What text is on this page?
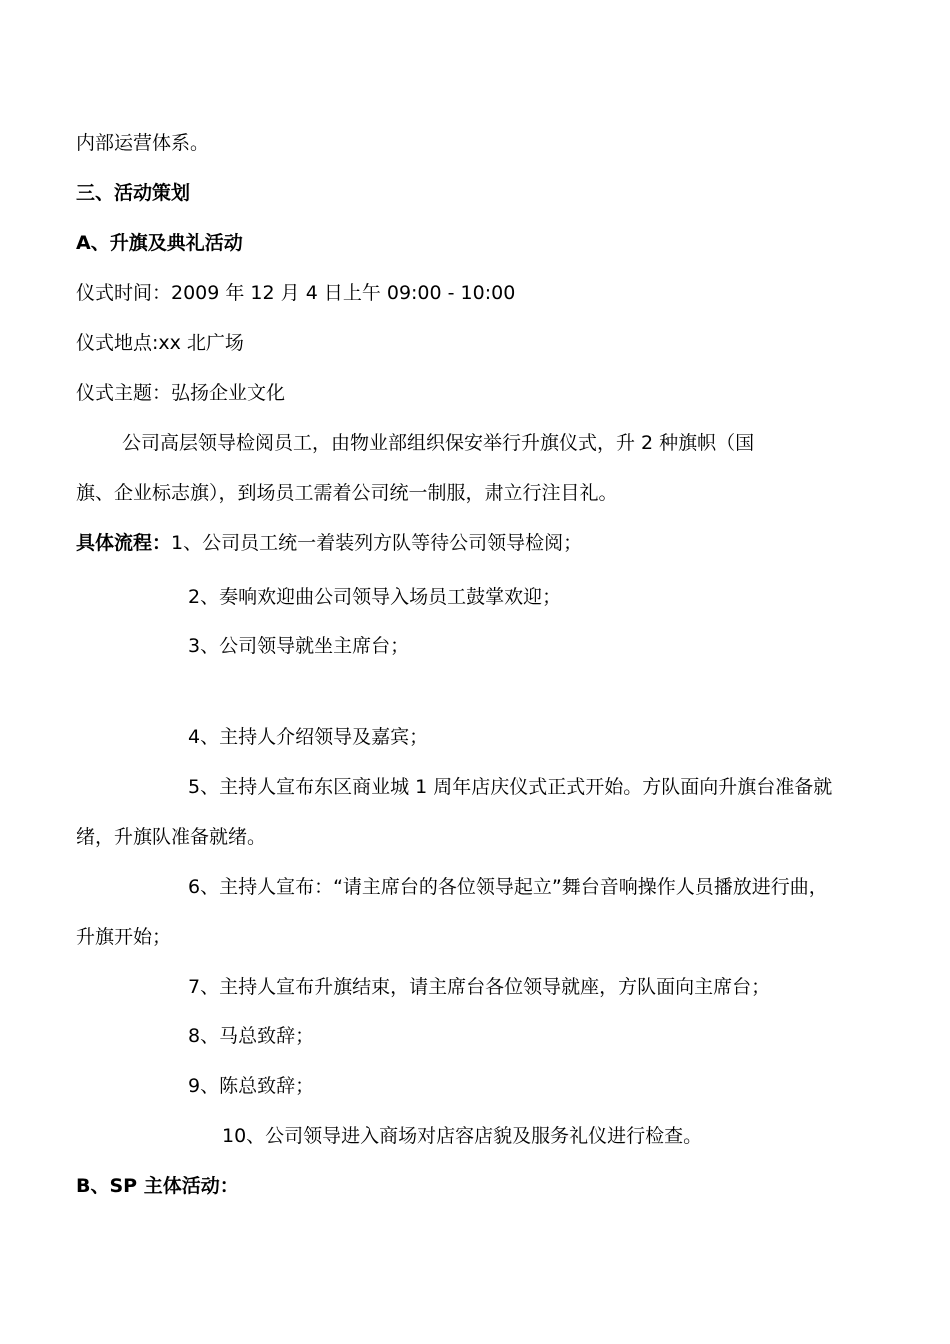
内部运营体系。
三、活动策划
A、升旗及典礼活动
仪式时间：2009 年 12 月 4 日上午 09:00 - 10:00
仪式地点:xx 北广场
仪式主题：弘扬企业文化
公司高层领导检阅员工，由物业部组织保安举行升旗仪式，升 2 种旗帜（国
旗、企业标志旗），到场员工需着公司统一制服，肃立行注目礼。
具体流程：1、公司员工统一着装列方队等待公司领导检阅；
2、奏响欢迎曲公司领导入场员工鼓掌欢迎；
3、公司领导就坐主席台；
4、主持人介绍领导及嘉宾；
5、主持人宣布东区商业城 1 周年店庆仪式正式开始。方队面向升旗台准备就
绪，升旗队准备就绪。
6、主持人宣布：“请主席台的各位领导起立”舞台音响操作人员播放进行曲，
升旗开始；
7、主持人宣布升旗结束，请主席台各位领导就座，方队面向主席台；
8、马总致辞；
9、陈总致辞；
10、公司领导进入商场对店容店貌及服务礼仪进行检查。
B、SP 主体活动：
